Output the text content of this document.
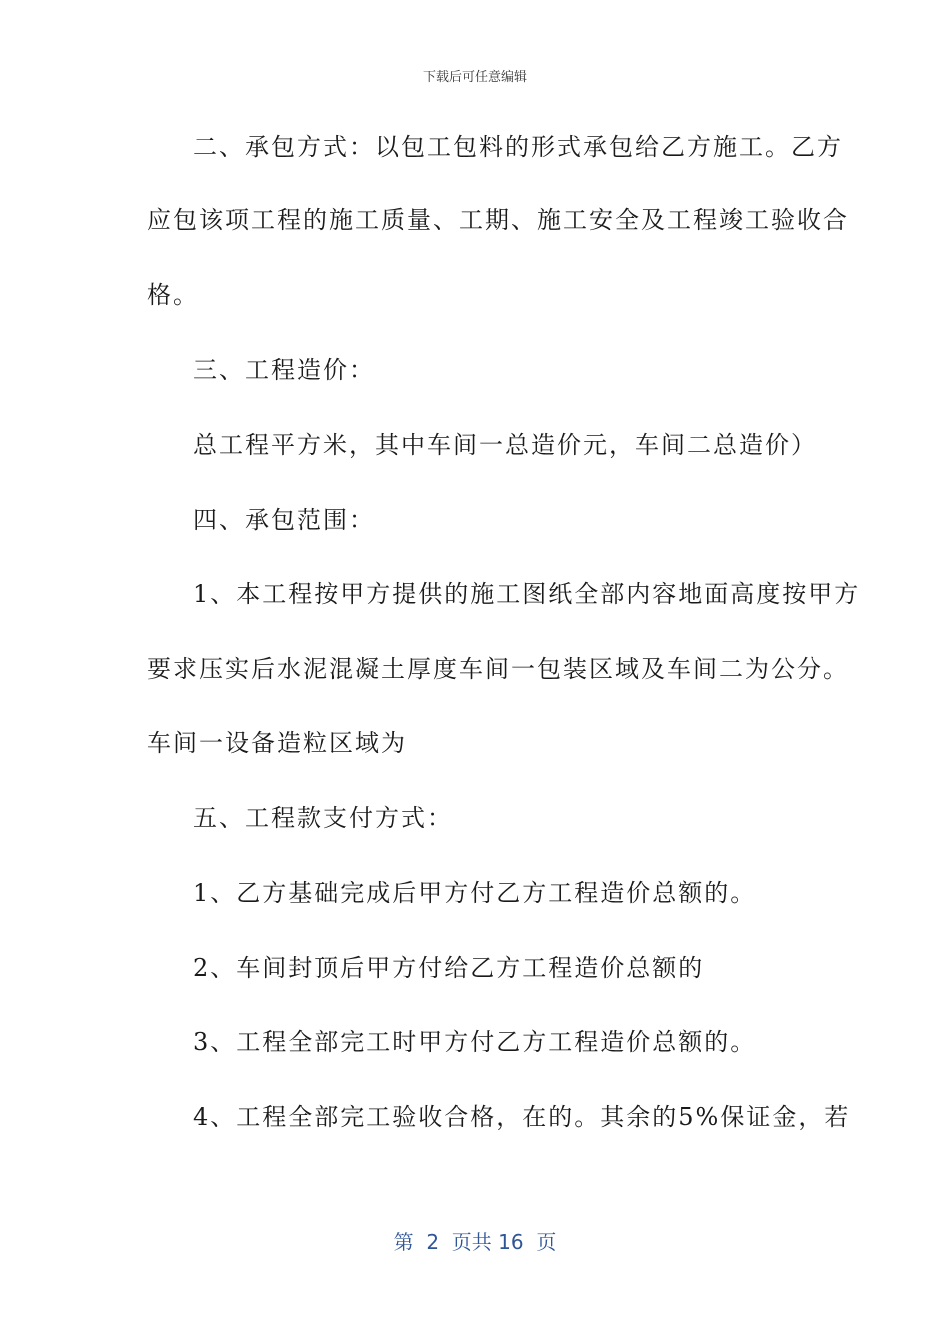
下载后可任意编辑
二、承包方式：以包工包料的形式承包给乙方施工。乙方
应包该项工程的施工质量、工期、施工安全及工程竣工验收合
格。
三、工程造价：
总工程平方米，其中车间一总造价元，车间二总造价）
四、承包范围：
1、本工程按甲方提供的施工图纸全部内容地面高度按甲方
要求压实后水泥混凝土厚度车间一包装区域及车间二为公分。
车间一设备造粒区域为
五、工程款支付方式：
1、乙方基础完成后甲方付乙方工程造价总额的。
2、车间封顶后甲方付给乙方工程造价总额的
3、工程全部完工时甲方付乙方工程造价总额的。
4、工程全部完工验收合格，在的。其余的5%保证金，若
第  2  页共 16  页
